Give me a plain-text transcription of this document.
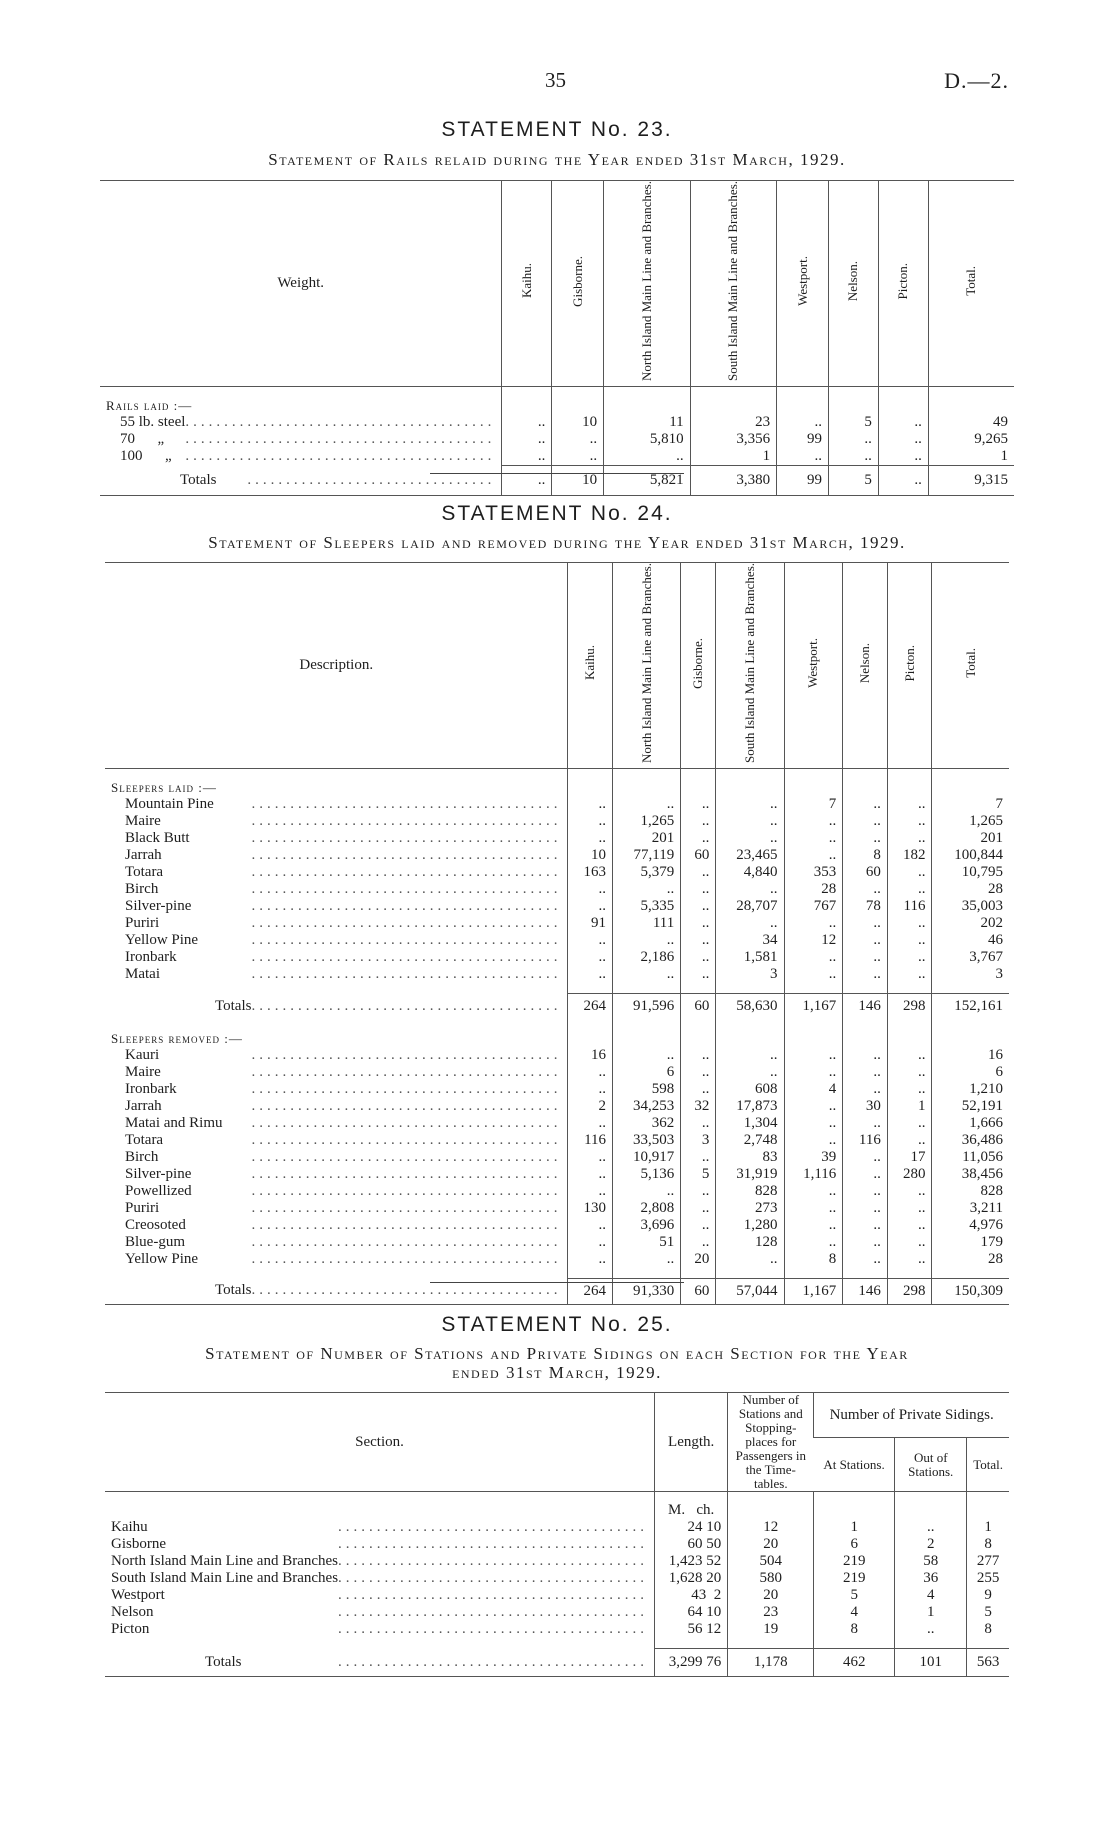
35	D.—2.
STATEMENT No. 23.
Statement of Rails relaid during the Year ended 31st March, 1929.
Weight.	Kaihu.	Gisborne.	North Island Main Line and Branches.	South Island Main Line and Branches.	Westport.	Nelson.	Picton.	Total.

Rails laid :—								

55 lb. steel ........................................	..	10	11	23	..	5	..	49

70      „ ........................................	..	..	5,810	3,356	99	..	..	9,265

100      „ ........................................	..	..	..	1	..	..	..	1

Totals ................................	..	10	5,821	3,380	99	5	..	9,315
STATEMENT No. 24.
Statement of Sleepers laid and removed during the Year ended 31st March, 1929.
Description.	Kaihu.	North Island Main Line and Branches.	Gisborne.	South Island Main Line and Branches.	Westport.	Nelson.	Picton.	Total.

Sleepers laid :—								

Mountain Pine ........................................	..	..	..	..	7	..	..	7

Maire ........................................	..	1,265	..	..	..	..	..	1,265

Black Butt ........................................	..	201	..	..	..	..	..	201

Jarrah ........................................	10	77,119	60	23,465	..	8	182	100,844

Totara ........................................	163	5,379	..	4,840	353	60	..	10,795

Birch ........................................	..	..	..	..	28	..	..	28

Silver-pine ........................................	..	5,335	..	28,707	767	78	116	35,003

Puriri ........................................	91	111	..	..	..	..	..	202

Yellow Pine ........................................	..	..	..	34	12	..	..	46

Ironbark ........................................	..	2,186	..	1,581	..	..	..	3,767

Matai ........................................	..	..	..	3	..	..	..	3

Totals ........................................	264	91,596	60	58,630	1,167	146	298	152,161

Sleepers removed :—								

Kauri ........................................	16	..	..	..	..	..	..	16

Maire ........................................	..	6	..	..	..	..	..	6

Ironbark ........................................	..	598	..	608	4	..	..	1,210

Jarrah ........................................	2	34,253	32	17,873	..	30	1	52,191

Matai and Rimu ........................................	..	362	..	1,304	..	..	..	1,666

Totara ........................................	116	33,503	3	2,748	..	116	..	36,486

Birch ........................................	..	10,917	..	83	39	..	17	11,056

Silver-pine ........................................	..	5,136	5	31,919	1,116	..	280	38,456

Powellized ........................................	..	..	..	828	..	..	..	828

Puriri ........................................	130	2,808	..	273	..	..	..	3,211

Creosoted ........................................	..	3,696	..	1,280	..	..	..	4,976

Blue-gum ........................................	..	51	..	128	..	..	..	179

Yellow Pine ........................................	..	..	20	..	8	..	..	28

Totals ........................................	264	91,330	60	57,044	1,167	146	298	150,309
STATEMENT No. 25.
Statement of Number of Stations and Private Sidings on each Section for the Year
ended 31st March, 1929.
Section.	Length.	Number of Stations and Stopping-places for Passengers in the Time-tables.	Number of Private Sidings.		
			At Stations.	Out of Stations.	Total.

	M.   ch.				

Kaihu ........................................	24 10	12	1	..	1

Gisborne ........................................	60 50	20	6	2	8

North Island Main Line and Branches ........................................	1,423 52	504	219	58	277

South Island Main Line and Branches ........................................	1,628 20	580	219	36	255

Westport ........................................	43  2	20	5	4	9

Nelson ........................................	64 10	23	4	1	5

Picton ........................................	56 12	19	8	..	8

Totals ........................................	3,299 76	1,178	462	101	563
